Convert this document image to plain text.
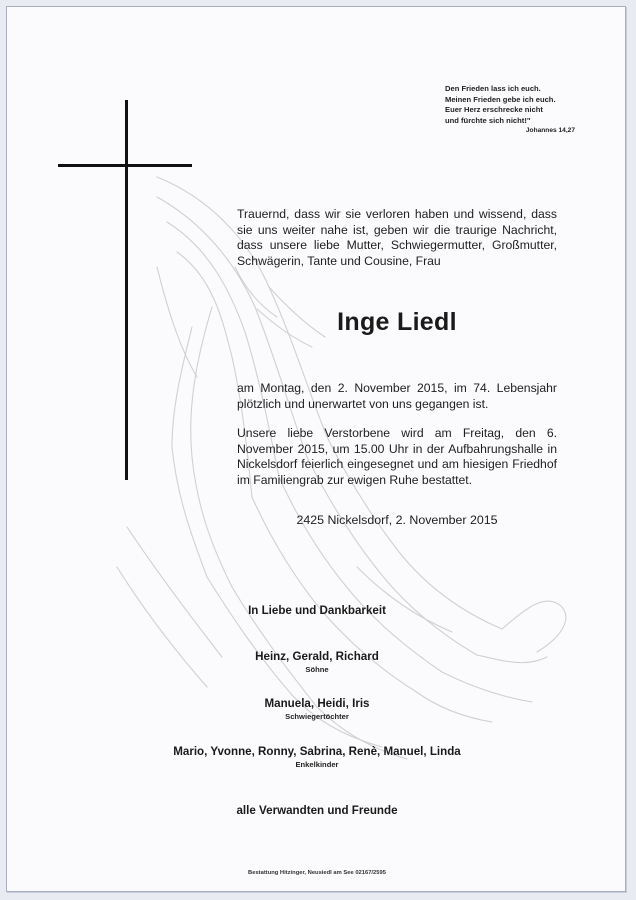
Den Frieden lass ich euch.
Meinen Frieden gebe ich euch.
Euer Herz erschrecke nicht
und fürchte sich nicht!"
Johannes 14,27
Trauernd, dass wir sie verloren haben und wissend, dass sie uns weiter nahe ist, geben wir die traurige Nachricht, dass unsere liebe Mutter, Schwiegermutter, Großmutter, Schwägerin, Tante und Cousine, Frau
Inge Liedl
am Montag, den 2. November 2015, im 74. Lebensjahr plötzlich und unerwartet von uns gegangen ist.
Unsere liebe Verstorbene wird am Freitag, den 6. November 2015, um 15.00 Uhr in der Aufbahrungshalle in Nickelsdorf feierlich eingesegnet und am hiesigen Friedhof im Familiengrab zur ewigen Ruhe bestattet.
2425 Nickelsdorf, 2. November 2015
In Liebe und Dankbarkeit
Heinz, Gerald, Richard
Söhne
Manuela, Heidi, Iris
Schwiegertöchter
Mario, Yvonne, Ronny, Sabrina, Renè, Manuel, Linda
Enkelkinder
alle Verwandten und Freunde
Bestattung Hitzinger, Neusiedl am See 02167/2595
